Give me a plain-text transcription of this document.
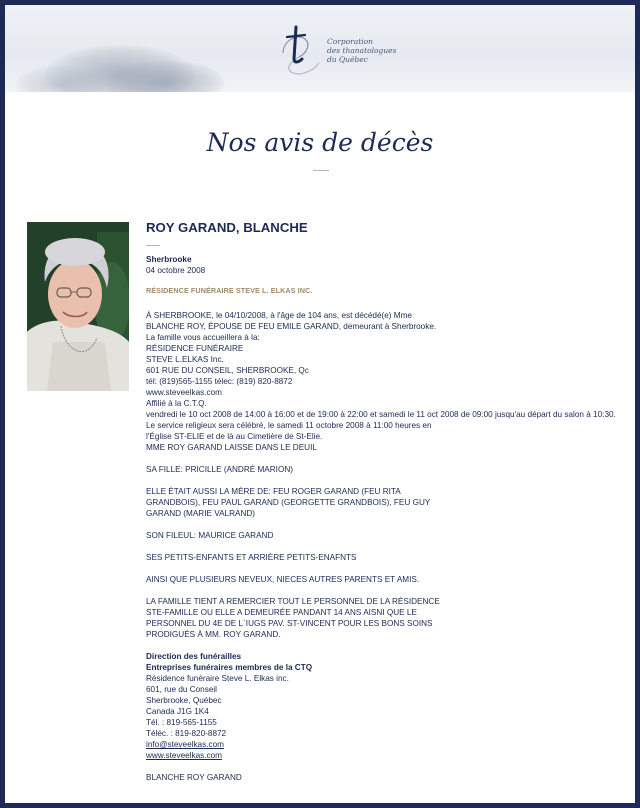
Corporation
des thanatologues
du Québec
Nos avis de décès
ROY GARAND, BLANCHE
Sherbrooke
04 octobre 2008
RÉSIDENCE FUNÉRAIRE STEVE L. ELKAS INC.
À SHERBROOKE, le 04/10/2008, à l'âge de 104 ans, est décédé(e) Mme
BLANCHE ROY, ÉPOUSE DE FEU EMILE GARAND, demeurant à Sherbrooke.
La famille vous accueillera à la:
RÉSIDENCE FUNÉRAIRE
STEVE L.ELKAS Inc.
601 RUE DU CONSEIL, SHERBROOKE, Qc
tél: (819)565-1155 télec: (819) 820-8872
www.steveelkas.com
Affilié à la C.T.Q.
vendredi le 10 oct 2008 de 14:00 à 16:00 et de 19:00 à 22:00 et samedi le 11 oct 2008 de 09:00 jusqu'au départ du salon à 10:30.
Le service religieux sera célébré, le samedi 11 octobre 2008 à 11:00 heures en
l'Église ST-ELIE et de là au Cimetière de St-Elie.
MME ROY GARAND LAISSE DANS LE DEUIL
SA FILLE: PRICILLE (ANDRÉ MARION)
ELLE ÉTAIT AUSSI LA MÈRE DE: FEU ROGER GARAND (FEU RITA
GRANDBOIS), FEU PAUL GARAND (GEORGETTE GRANDBOIS), FEU GUY
GARAND (MARIE VALRAND)
SON FILEUL: MAURICE GARAND
SES PETITS-ENFANTS ET ARRIÈRE PETITS-ENAFNTS
AINSI QUE PLUSIEURS NEVEUX, NIECES AUTRES PARENTS ET AMIS.
LA FAMILLE TIENT A REMERCIER TOUT LE PERSONNEL DE LA RÉSIDENCE
STE-FAMILLE OU ELLE A DEMEURÉE PANDANT 14 ANS AISNI QUE LE
PERSONNEL DU 4E DE L`IUGS PAV. ST-VINCENT POUR LES BONS SOINS
PRODIGUÉS À MM. ROY GARAND.
Direction des funérailles
Entreprises funéraires membres de la CTQ
Résidence funéraire Steve L. Elkas inc.
601, rue du Conseil
Sherbrooke, Québec
Canada J1G 1K4
Tél. : 819-565-1155
Téléc. : 819-820-8872
info@steveelkas.com
www.steveelkas.com
BLANCHE ROY GARAND
